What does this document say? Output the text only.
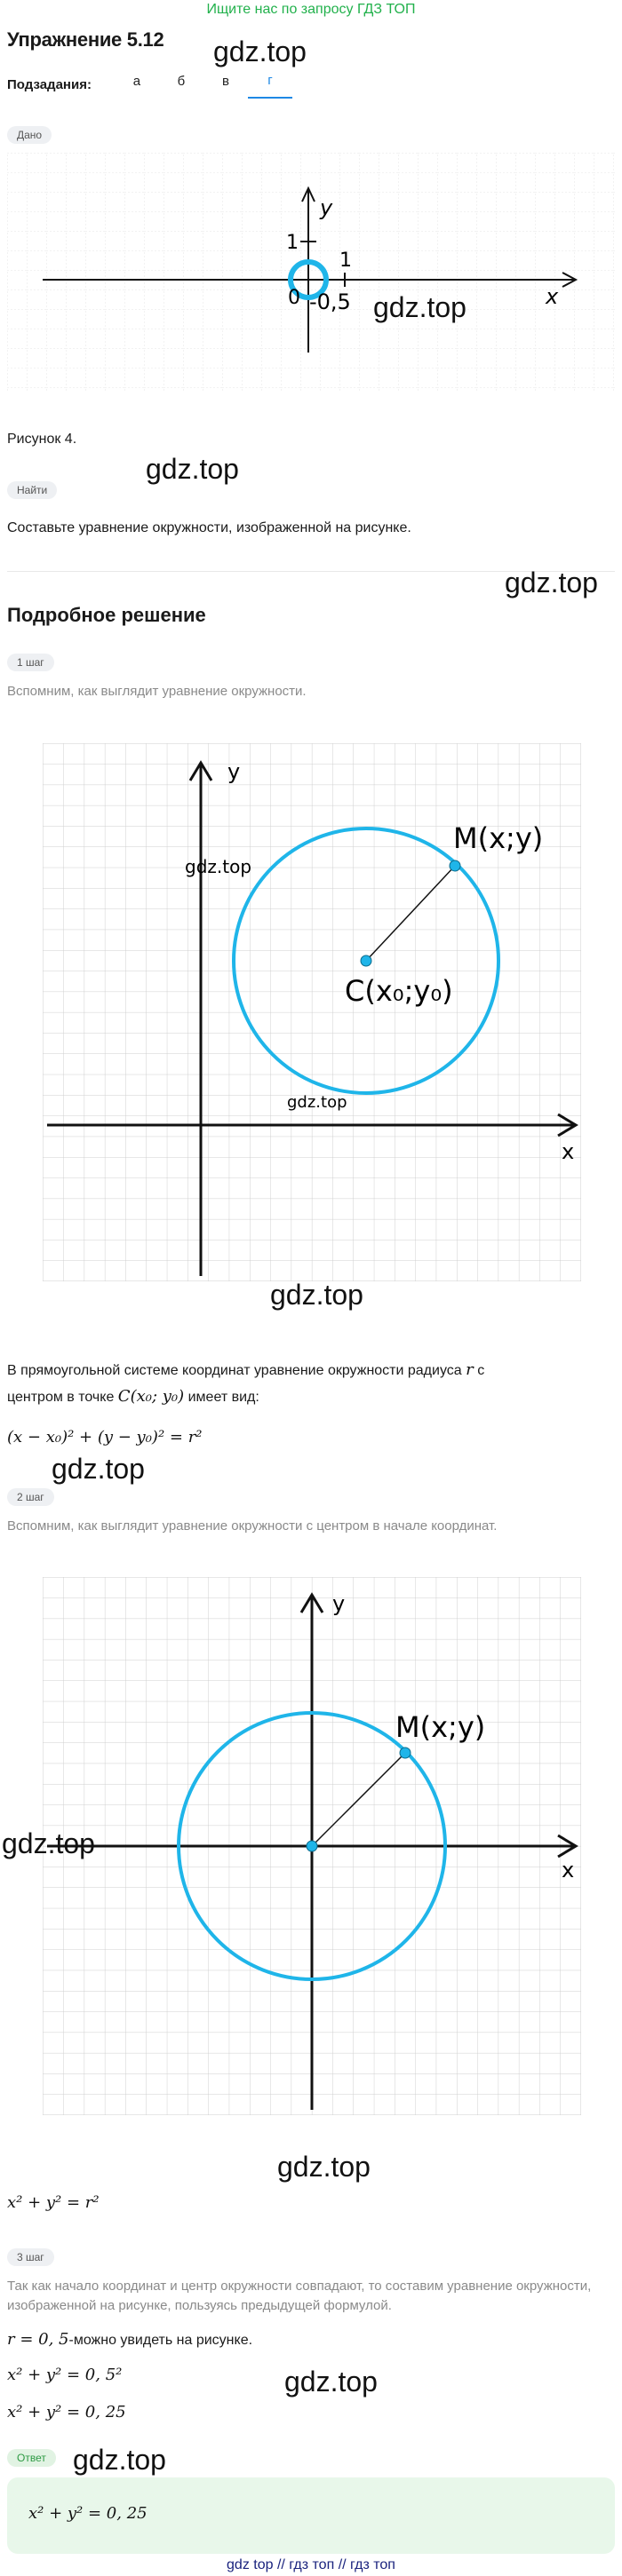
Ищите нас по запросу ГДЗ ТОП
Упражнение 5.12 gdz.top
Подзадания:	а	б	в	г
Дано
y
x
1
1
0 -0,5 gdz.top
Рисунок 4.
Найти
gdz.top
Составьте уравнение окружности, изображенной на рисунке.
gdz.top
Подробное решение
1 шаг
Вспомним, как выглядит уравнение окружности.
y
x
M(x;y)
C(x₀;y₀)
gdz.top
gdz.top
gdz.top
В прямоугольной системе координат уравнение окружности радиуса r с
центром в точке C(x₀; y₀) имеет вид:
(x − x₀)² + (y − y₀)² = r²
gdz.top
2 шаг
Вспомним, как выглядит уравнение окружности с центром в начале координат.
y
x
M(x;y)
gdz.top
gdz.top
x² + y² = r²
3 шаг
Так как начало координат и центр окружности совпадают, то составим уравнение окружности, изображенной на рисунке, пользуясь предыдущей формулой.
r = 0, 5-можно увидеть на рисунке.
x² + y² = 0, 5²	gdz.top
x² + y² = 0, 25
Ответ gdz.top
x² + y² = 0, 25
gdz top // гдз топ // гдз топ
